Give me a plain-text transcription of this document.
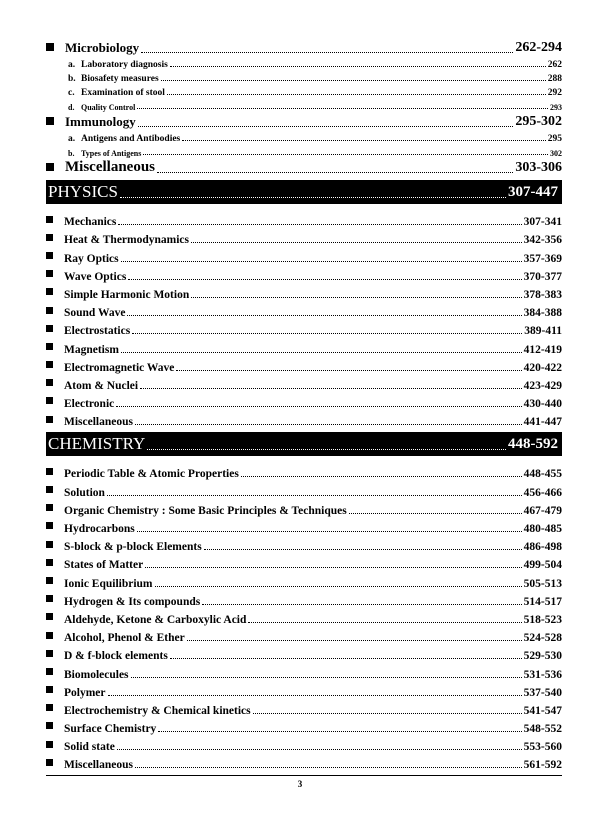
Microbiology	262-294
a. Laboratory diagnosis	262
b. Biosafety measures	288
c. Examination of stool	292
d. Quality Control	293
Immunology	295-302
a. Antigens and Antibodies	295
b. Types of Antigens	302
Miscellaneous	303-306
PHYSICS	307-447
Mechanics	307-341
Heat & Thermodynamics	342-356
Ray Optics	357-369
Wave Optics	370-377
Simple Harmonic Motion	378-383
Sound Wave	384-388
Electrostatics	389-411
Magnetism	412-419
Electromagnetic Wave	420-422
Atom & Nuclei	423-429
Electronic	430-440
Miscellaneous	441-447
CHEMISTRY	448-592
Periodic Table & Atomic Properties	448-455
Solution	456-466
Organic Chemistry : Some Basic Principles & Techniques	467-479
Hydrocarbons	480-485
S-block & p-block Elements	486-498
States of Matter	499-504
Ionic Equilibrium	505-513
Hydrogen & Its compounds	514-517
Aldehyde, Ketone & Carboxylic Acid	518-523
Alcohol, Phenol & Ether	524-528
D & f-block elements	529-530
Biomolecules	531-536
Polymer	537-540
Electrochemistry & Chemical kinetics	541-547
Surface Chemistry	548-552
Solid state	553-560
Miscellaneous	561-592
3
